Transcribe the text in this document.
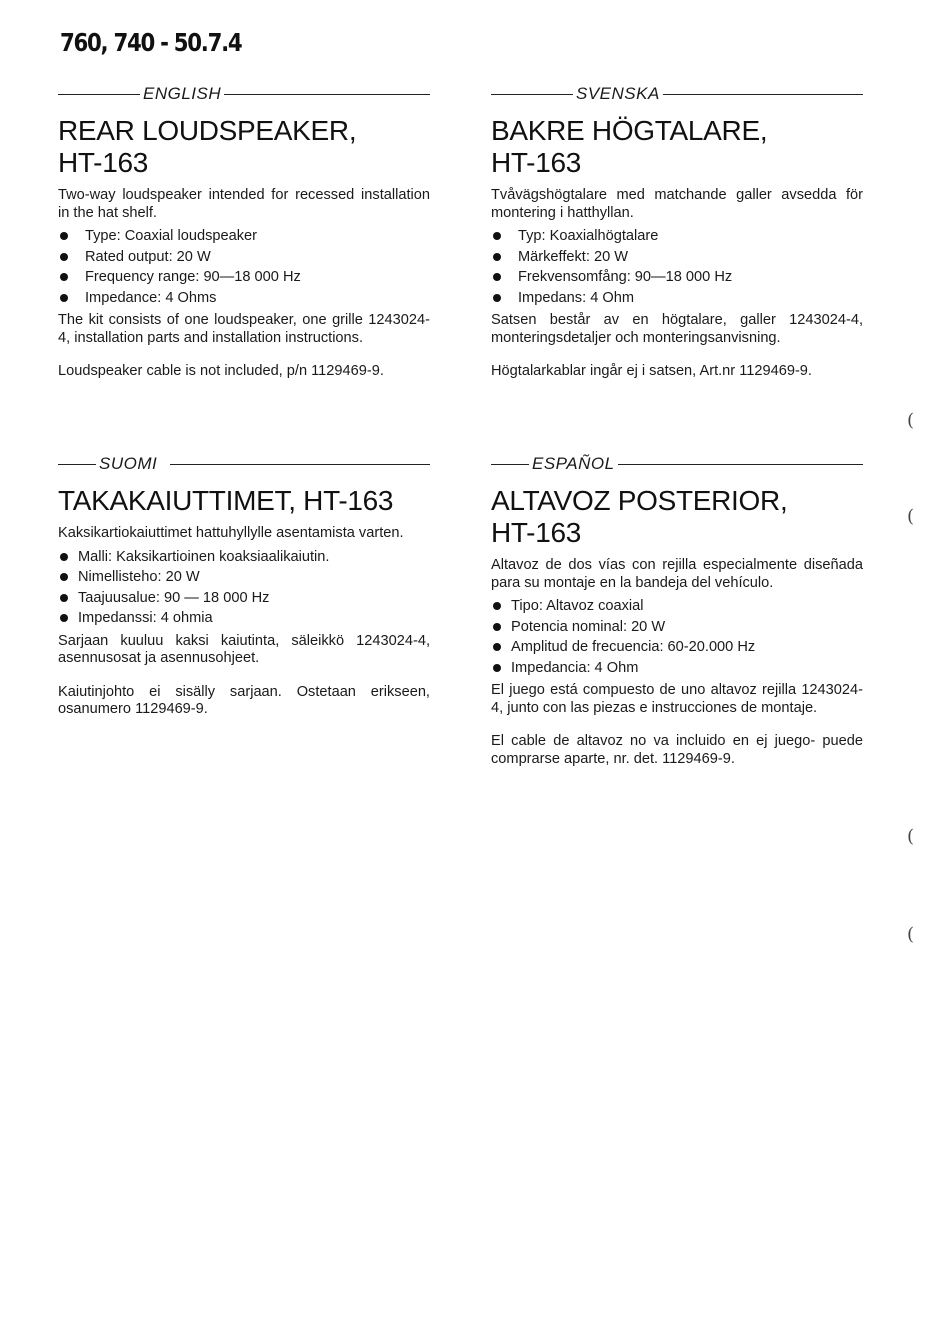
760, 740 - 50.7.4
ENGLISH
REAR LOUDSPEAKER,
HT-163

Two-way loudspeaker intended for recessed installation in the hat shelf.

Type: Coaxial loudspeaker
Rated output: 20 W
Frequency range: 90—18 000 Hz
Impedance: 4 Ohms

The kit consists of one loudspeaker, one grille 1243024-4, installation parts and installation instructions.

Loudspeaker cable is not included, p/n 1129469-9.

SVENSKA
BAKRE HÖGTALARE,
HT-163

Tvåvägshögtalare med matchande galler avsedda för montering i hatthyllan.

Typ: Koaxialhögtalare
Märkeffekt: 20 W
Frekvensomfång: 90—18 000 Hz
Impedans: 4 Ohm

Satsen består av en högtalare, galler 1243024-4, monteringsdetaljer och monteringsanvisning.

Högtalarkablar ingår ej i satsen, Art.nr 1129469-9.

SUOMI
TAKAKAIUTTIMET, HT-163

Kaksikartiokaiuttimet hattuhyllylle asentamista varten.

Malli: Kaksikartioinen koaksiaalikaiutin.
Nimellisteho: 20 W
Taajuusalue: 90 — 18 000 Hz
Impedanssi: 4 ohmia

Sarjaan kuuluu kaksi kaiutinta, säleikkö 1243024-4, asennusosat ja asennusohjeet.

Kaiutinjohto ei sisälly sarjaan. Ostetaan erikseen, osanumero 1129469-9.

ESPAÑOL
ALTAVOZ POSTERIOR,
HT-163

Altavoz de dos vías con rejilla especialmente diseñada para su montaje en la bandeja del vehículo.

Tipo: Altavoz coaxial
Potencia nominal: 20 W
Amplitud de frecuencia: 60-20.000 Hz
Impedancia: 4 Ohm

El juego está compuesto de uno altavoz rejilla 1243024-4, junto con las piezas e instrucciones de montaje.

El cable de altavoz no va incluido en ej juego- puede comprarse aparte, nr. det. 1129469-9.

(
(
(
(
